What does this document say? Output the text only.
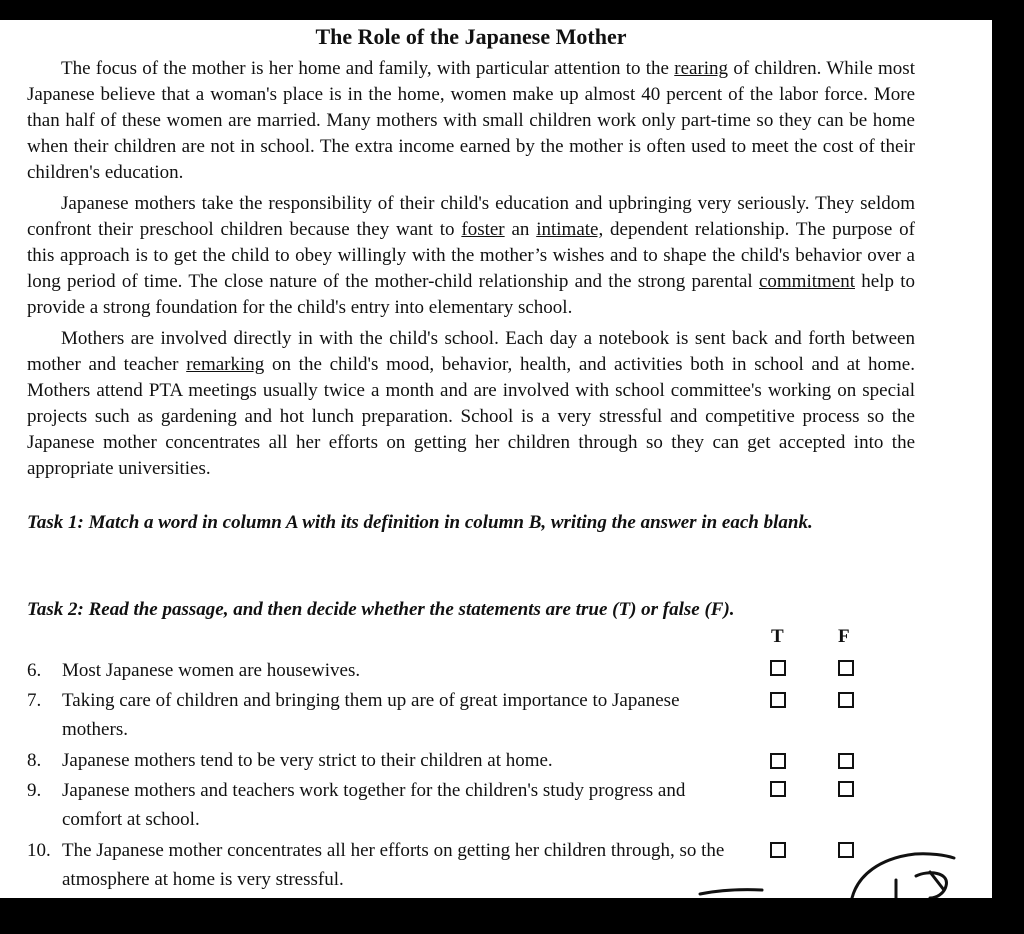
The Role of the Japanese Mother

The focus of the mother is her home and family, with particular attention to the rearing of children. While most Japanese believe that a woman's place is in the home, women make up almost 40 percent of the labor force. More than half of these women are married. Many mothers with small children work only part-time so they can be home when their children are not in school. The extra income earned by the mother is often used to meet the cost of their children's education.

Japanese mothers take the responsibility of their child's education and upbringing very seriously. They seldom confront their preschool children because they want to foster an intimate, dependent relationship. The purpose of this approach is to get the child to obey willingly with the mother’s wishes and to shape the child's behavior over a long period of time. The close nature of the mother-child relationship and the strong parental commitment help to provide a strong foundation for the child's entry into elementary school.

Mothers are involved directly in with the child's school. Each day a notebook is sent back and forth between mother and teacher remarking on the child's mood, behavior, health, and activities both in school and at home. Mothers attend PTA meetings usually twice a month and are involved with school committee's working on special projects such as gardening and hot lunch preparation. School is a very stressful and competitive process so the Japanese mother concentrates all her efforts on getting her children through so they can get accepted into the appropriate universities.

Task 1: Match a word in column A with its definition in column B, writing the answer in each blank.
Task 2: Read the passage, and then decide whether the statements are true (T) or false (F).
T	F
6.	Most Japanese women are housewives.
7.	Taking care of children and bringing them up are of great importance to Japanese mothers.
8.	Japanese mothers tend to be very strict to their children at home.
9.	Japanese mothers and teachers work together for the children's study progress and comfort at school.
10. The Japanese mother concentrates all her efforts on getting her children through, so the atmosphere at home is very stressful.
